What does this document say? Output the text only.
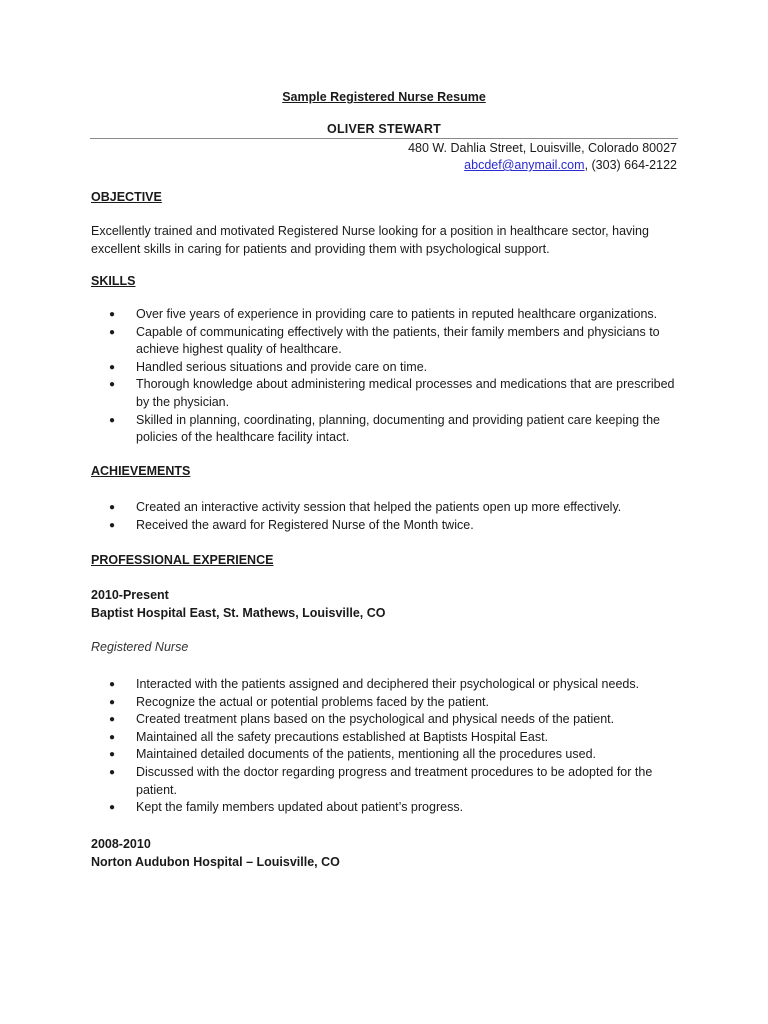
Sample Registered Nurse Resume
OLIVER STEWART
480 W. Dahlia Street, Louisville, Colorado 80027
abcdef@anymail.com, (303) 664-2122
OBJECTIVE
Excellently trained and motivated Registered Nurse looking for a position in healthcare sector, having excellent skills in caring for patients and providing them with psychological support.
SKILLS
● Over five years of experience in providing care to patients in reputed healthcare organizations.
● Capable of communicating effectively with the patients, their family members and physicians to achieve highest quality of healthcare.
● Handled serious situations and provide care on time.
● Thorough knowledge about administering medical processes and medications that are prescribed by the physician.
● Skilled in planning, coordinating, planning, documenting and providing patient care keeping the policies of the healthcare facility intact.
ACHIEVEMENTS
● Created an interactive activity session that helped the patients open up more effectively.
● Received the award for Registered Nurse of the Month twice.
PROFESSIONAL EXPERIENCE
2010-Present
Baptist Hospital East, St. Mathews, Louisville, CO
Registered Nurse
● Interacted with the patients assigned and deciphered their psychological or physical needs.
● Recognize the actual or potential problems faced by the patient.
● Created treatment plans based on the psychological and physical needs of the patient.
● Maintained all the safety precautions established at Baptists Hospital East.
● Maintained detailed documents of the patients, mentioning all the procedures used.
● Discussed with the doctor regarding progress and treatment procedures to be adopted for the patient.
● Kept the family members updated about patient’s progress.
2008-2010
Norton Audubon Hospital – Louisville, CO
